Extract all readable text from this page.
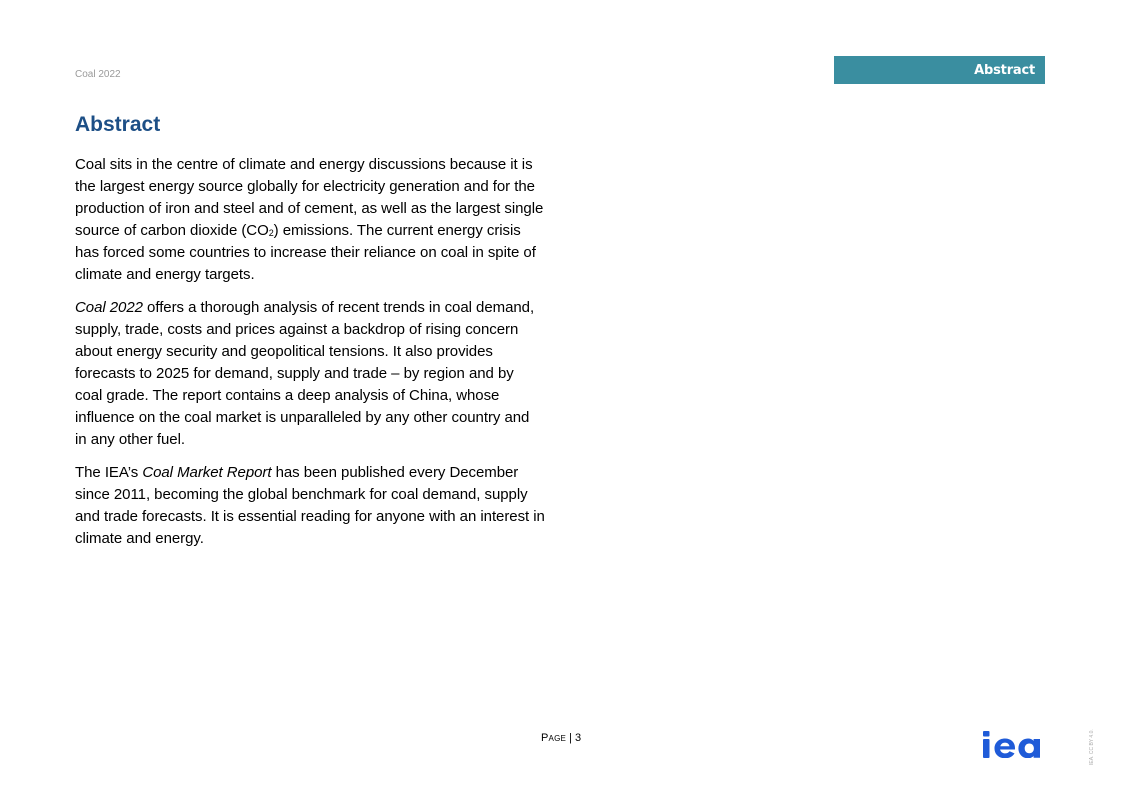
Coal 2022	Abstract
Abstract

Coal sits in the centre of climate and energy discussions because it is the largest energy source globally for electricity generation and for the production of iron and steel and of cement, as well as the largest single source of carbon dioxide $(CO_2)$ emissions. The current energy crisis has forced some countries to increase their reliance on coal in spite of climate and energy targets.

Coal 2022 offers a thorough analysis of recent trends in coal demand, supply, trade, costs and prices against a backdrop of rising concern about energy security and geopolitical tensions. It also provides forecasts to 2025 for demand, supply and trade – by region and by coal grade. The report contains a deep analysis of China, whose influence on the coal market is unparalleled by any other country and in any other fuel.

The IEA’s Coal Market Report has been published every December since 2011, becoming the global benchmark for coal demand, supply and trade forecasts. It is essential reading for anyone with an interest in climate and energy.

PAGE | 3	IEA. CC BY 4.0.
